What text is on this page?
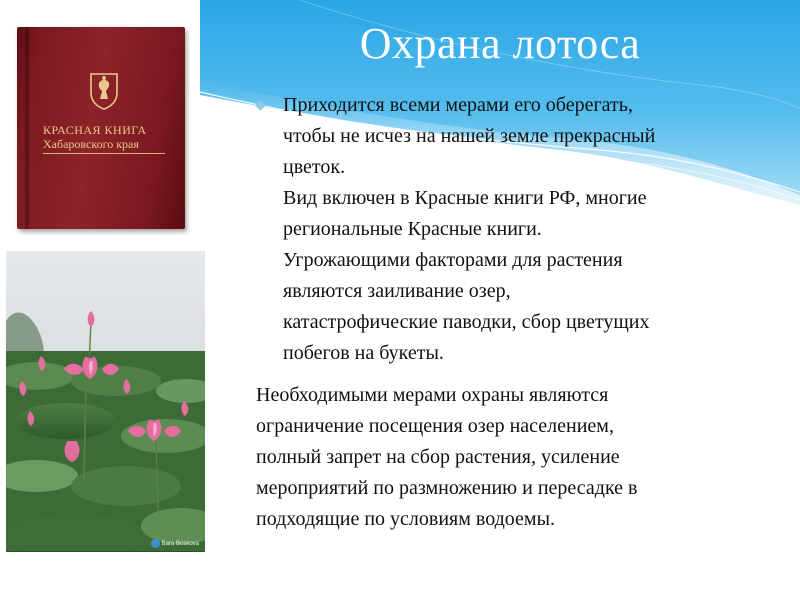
Охрана лотоса
КРАСНАЯ КНИГА
Хабаровского края
Bara Boskova
◆ Приходится всеми мерами его оберегать,
чтобы не исчез на нашей земле прекрасный
цветок.
Вид включен в Красные книги РФ, многие
региональные Красные книги.
Угрожающими факторами для растения
являются заиливание озер,
катастрофические паводки, сбор цветущих
побегов на букеты.

Необходимыми мерами охраны являются
ограничение посещения озер населением,
полный запрет на сбор растения, усиление
мероприятий по размножению и пересадке в
подходящие по условиям водоемы.
